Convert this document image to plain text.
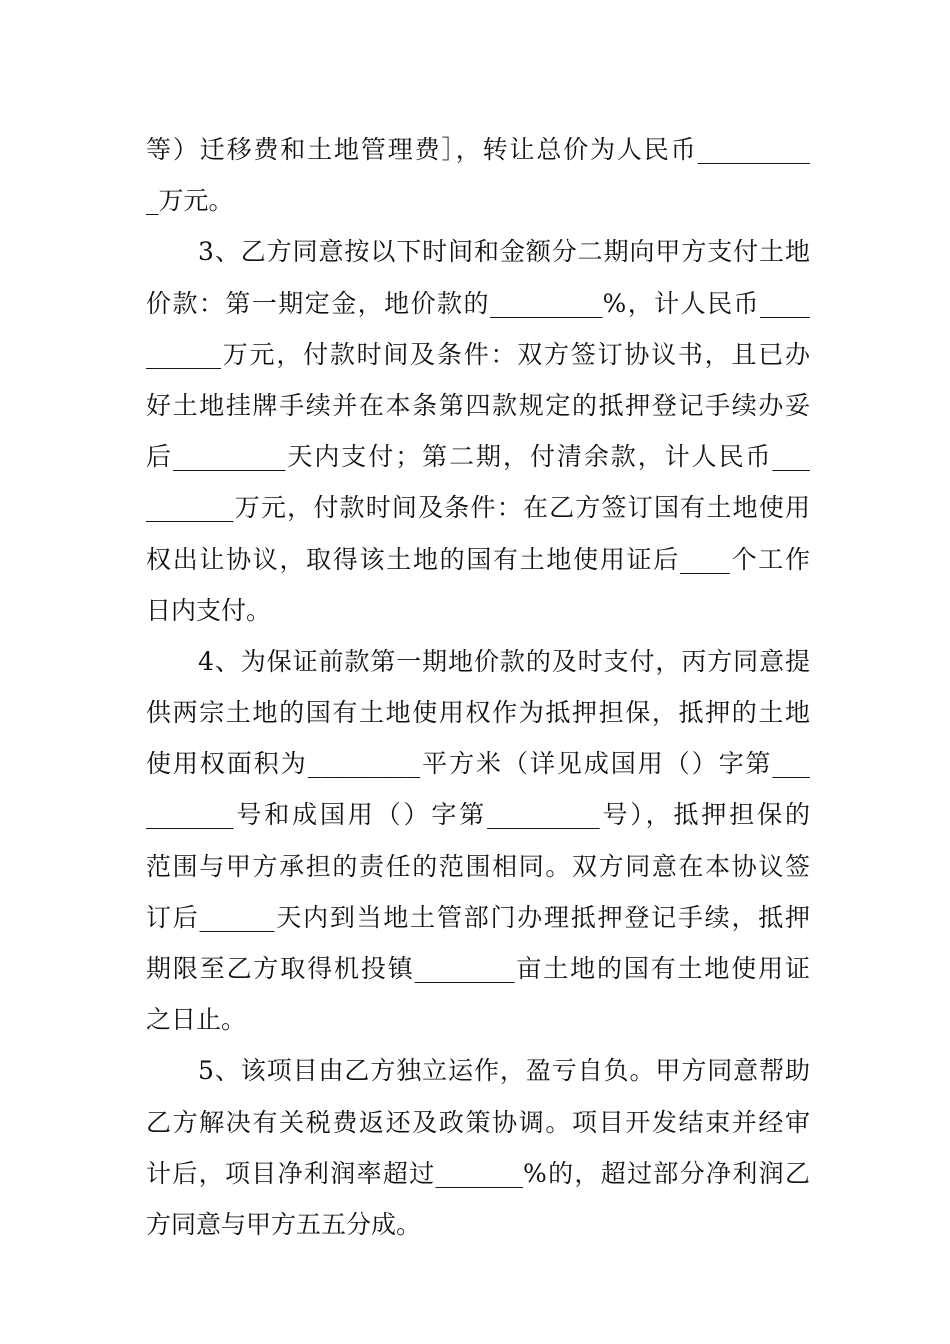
等）迁移费和土地管理费］，转让总价为人民币_________
_万元。
3、乙方同意按以下时间和金额分二期向甲方支付土地
价款：第一期定金，地价款的_________%，计人民币____
______万元，付款时间及条件：双方签订协议书，且已办
好土地挂牌手续并在本条第四款规定的抵押登记手续办妥
后_________天内支付；第二期，付清余款，计人民币___
_______万元，付款时间及条件：在乙方签订国有土地使用
权出让协议，取得该土地的国有土地使用证后____个工作
日内支付。
4、为保证前款第一期地价款的及时支付，丙方同意提
供两宗土地的国有土地使用权作为抵押担保，抵押的土地
使用权面积为_________平方米（详见成国用（）字第___
_______号和成国用（）字第_________号），抵押担保的
范围与甲方承担的责任的范围相同。双方同意在本协议签
订后______天内到当地土管部门办理抵押登记手续，抵押
期限至乙方取得机投镇________亩土地的国有土地使用证
之日止。
5、该项目由乙方独立运作，盈亏自负。甲方同意帮助
乙方解决有关税费返还及政策协调。项目开发结束并经审
计后，项目净利润率超过_______%的，超过部分净利润乙
方同意与甲方五五分成。
